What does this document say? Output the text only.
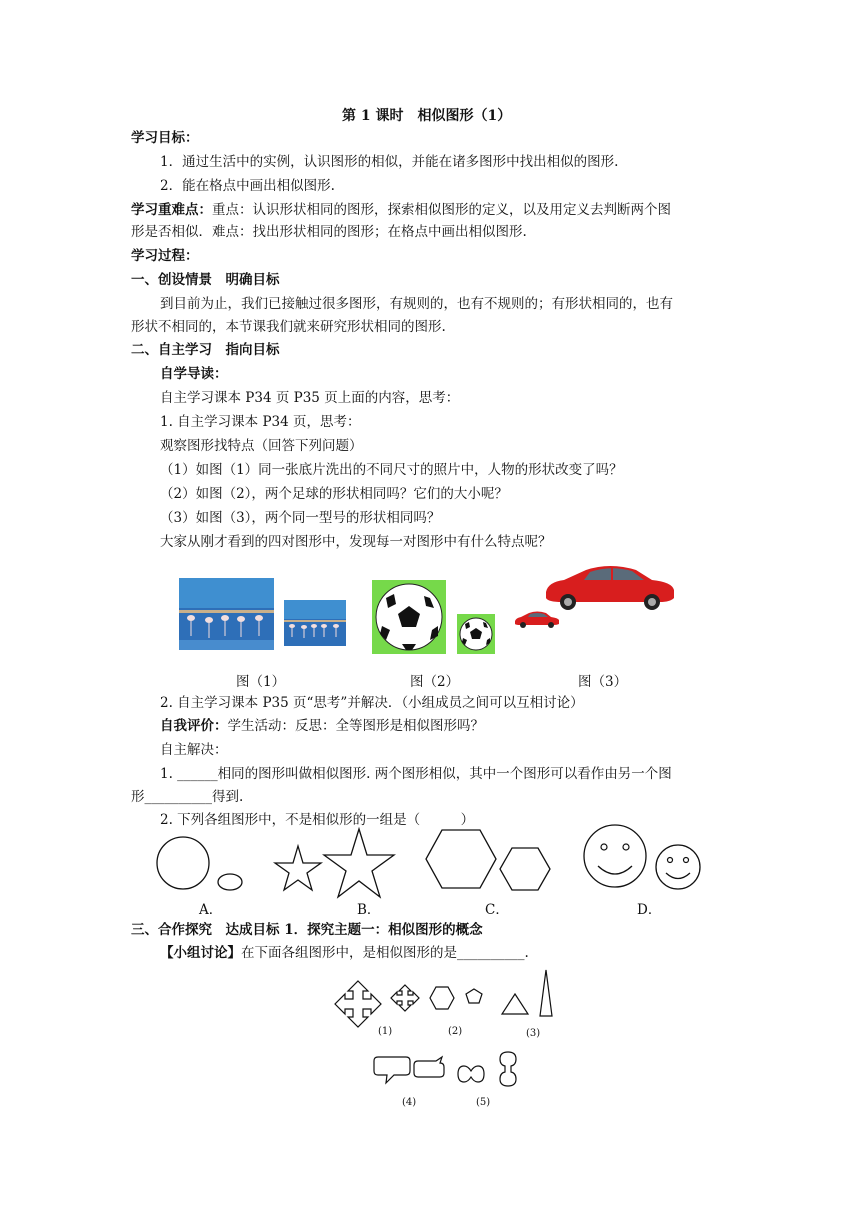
第 1 课时　相似图形（1）
学习目标：
1．通过生活中的实例，认识图形的相似，并能在诸多图形中找出相似的图形.
2．能在格点中画出相似图形.
学习重难点：重点：认识形状相同的图形，探索相似图形的定义，以及用定义去判断两个图
形是否相似．难点：找出形状相同的图形；在格点中画出相似图形.
学习过程：
一、创设情景　明确目标
到目前为止，我们已接触过很多图形，有规则的，也有不规则的；有形状相同的，也有
形状不相同的，本节课我们就来研究形状相同的图形.
二、自主学习　指向目标
自学导读：
自主学习课本 P34 页 P35 页上面的内容，思考：
1. 自主学习课本 P34 页，思考：
观察图形找特点（回答下列问题）
（1）如图（1）同一张底片洗出的不同尺寸的照片中，人物的形状改变了吗？
（2）如图（2），两个足球的形状相同吗？它们的大小呢？
（3）如图（3），两个同一型号的形状相同吗？
大家从刚才看到的四对图形中，发现每一对图形中有什么特点呢？
图（1）	图（2）	图（3）
2. 自主学习课本 P35 页“思考”并解决．（小组成员之间可以互相讨论）
自我评价：学生活动：反思：全等图形是相似图形吗？
自主解决：
1. ______相同的图形叫做相似图形. 两个图形相似，其中一个图形可以看作由另一个图
形__________得到.
2. 下列各组图形中，不是相似形的一组是（　　　）
A．	B．	C．	D．
三、合作探究　达成目标 1．探究主题一：相似图形的概念
【小组讨论】在下面各组图形中，是相似图形的是__________.
(1)	(2)	(3)
(4)	(5)
